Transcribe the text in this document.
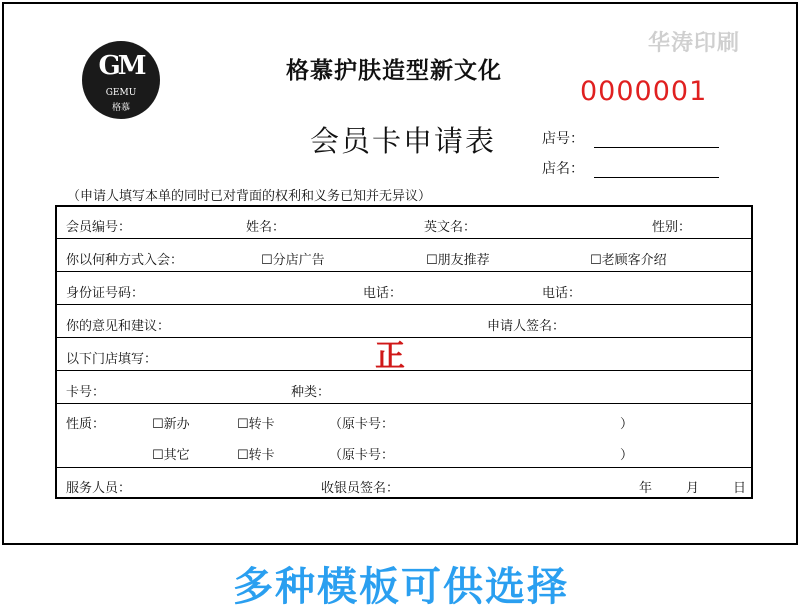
GM
GEMU
格慕
格慕护肤造型新文化
华涛印刷
0000001
会员卡申请表	店号：
店名：
（申请人填写本单的同时已对背面的权利和义务已知并无异议）
会员编号：	姓名：	英文名：	性别：
你以何种方式入会：	☐分店广告	☐朋友推荐	☐老顾客介绍
身份证号码：	电话：	电话：
你的意见和建议：	申请人签名：
以下门店填写：	正
卡号：	种类：
性质：	☐新办	☐转卡	（原卡号：	）
☐其它	☐转卡	（原卡号：	）
服务人员：	收银员签名：	年	月	日
多种模板可供选择
